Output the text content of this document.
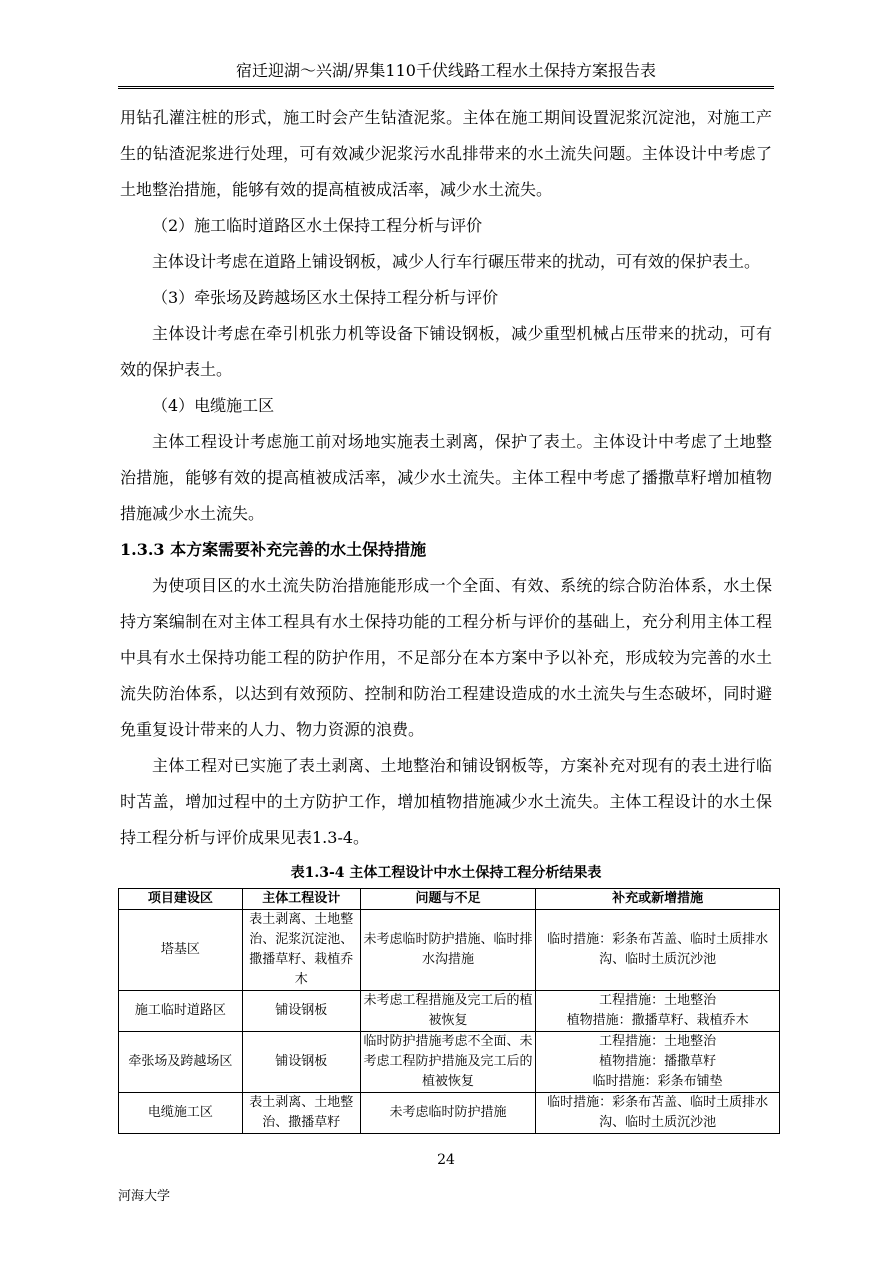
宿迁迎湖～兴湖/界集110千伏线路工程水土保持方案报告表

用钻孔灌注桩的形式，施工时会产生钻渣泥浆。主体在施工期间设置泥浆沉淀池，对施工产生的钻渣泥浆进行处理，可有效减少泥浆污水乱排带来的水土流失问题。主体设计中考虑了土地整治措施，能够有效的提高植被成活率，减少水土流失。

（2）施工临时道路区水土保持工程分析与评价

主体设计考虑在道路上铺设钢板，减少人行车行碾压带来的扰动，可有效的保护表土。

（3）牵张场及跨越场区水土保持工程分析与评价

主体设计考虑在牵引机张力机等设备下铺设钢板，减少重型机械占压带来的扰动，可有效的保护表土。

（4）电缆施工区

主体工程设计考虑施工前对场地实施表土剥离，保护了表土。主体设计中考虑了土地整治措施，能够有效的提高植被成活率，减少水土流失。主体工程中考虑了播撒草籽增加植物措施减少水土流失。

1.3.3 本方案需要补充完善的水土保持措施

为使项目区的水土流失防治措施能形成一个全面、有效、系统的综合防治体系，水土保持方案编制在对主体工程具有水土保持功能的工程分析与评价的基础上，充分利用主体工程中具有水土保持功能工程的防护作用，不足部分在本方案中予以补充，形成较为完善的水土流失防治体系，以达到有效预防、控制和防治工程建设造成的水土流失与生态破坏，同时避免重复设计带来的人力、物力资源的浪费。

主体工程对已实施了表土剥离、土地整治和铺设钢板等，方案补充对现有的表土进行临时苫盖，增加过程中的土方防护工作，增加植物措施减少水土流失。主体工程设计的水土保持工程分析与评价成果见表1.3-4。

表1.3-4 主体工程设计中水土保持工程分析结果表
项目建设区	主体工程设计	问题与不足	补充或新增措施
塔基区	表土剥离、土地整治、泥浆沉淀池、撒播草籽、栽植乔木	未考虑临时防护措施、临时排水沟措施	临时措施：彩条布苫盖、临时土质排水沟、临时土质沉沙池

施工临时道路区	铺设钢板	未考虑工程措施及完工后的植被恢复	工程措施：土地整治
植物措施：撒播草籽、栽植乔木

牵张场及跨越场区	铺设钢板	临时防护措施考虑不全面、未考虑工程防护措施及完工后的植被恢复	工程措施：土地整治
植物措施：播撒草籽
临时措施：彩条布铺垫

电缆施工区	表土剥离、土地整治、撒播草籽	未考虑临时防护措施	临时措施：彩条布苫盖、临时土质排水沟、临时土质沉沙池
24
河海大学
